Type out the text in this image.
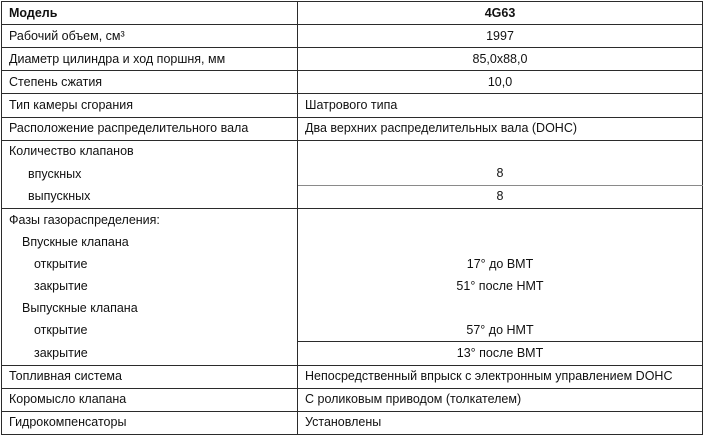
Модель	4G63
Рабочий объем, см³	1997
Диаметр цилиндра и ход поршня, мм	85,0x88,0
Степень сжатия	10,0
Тип камеры сгорания	Шатрового типа
Расположение распределительного вала	Два верхних распределительных вала (DOHC)
Количество клапанов	
впускных	8
выпускных	8
Фазы газораспределения:	
Впускные клапана	
открытие	17° до ВМТ
закрытие	51° после НМТ
Выпускные клапана	
открытие	57° до НМТ
закрытие	13° после ВМТ
Топливная система	Непосредственный впрыск с электронным управлением DOHC
Коромысло клапана	С роликовым приводом (толкателем)
Гидрокомпенсаторы	Установлены
